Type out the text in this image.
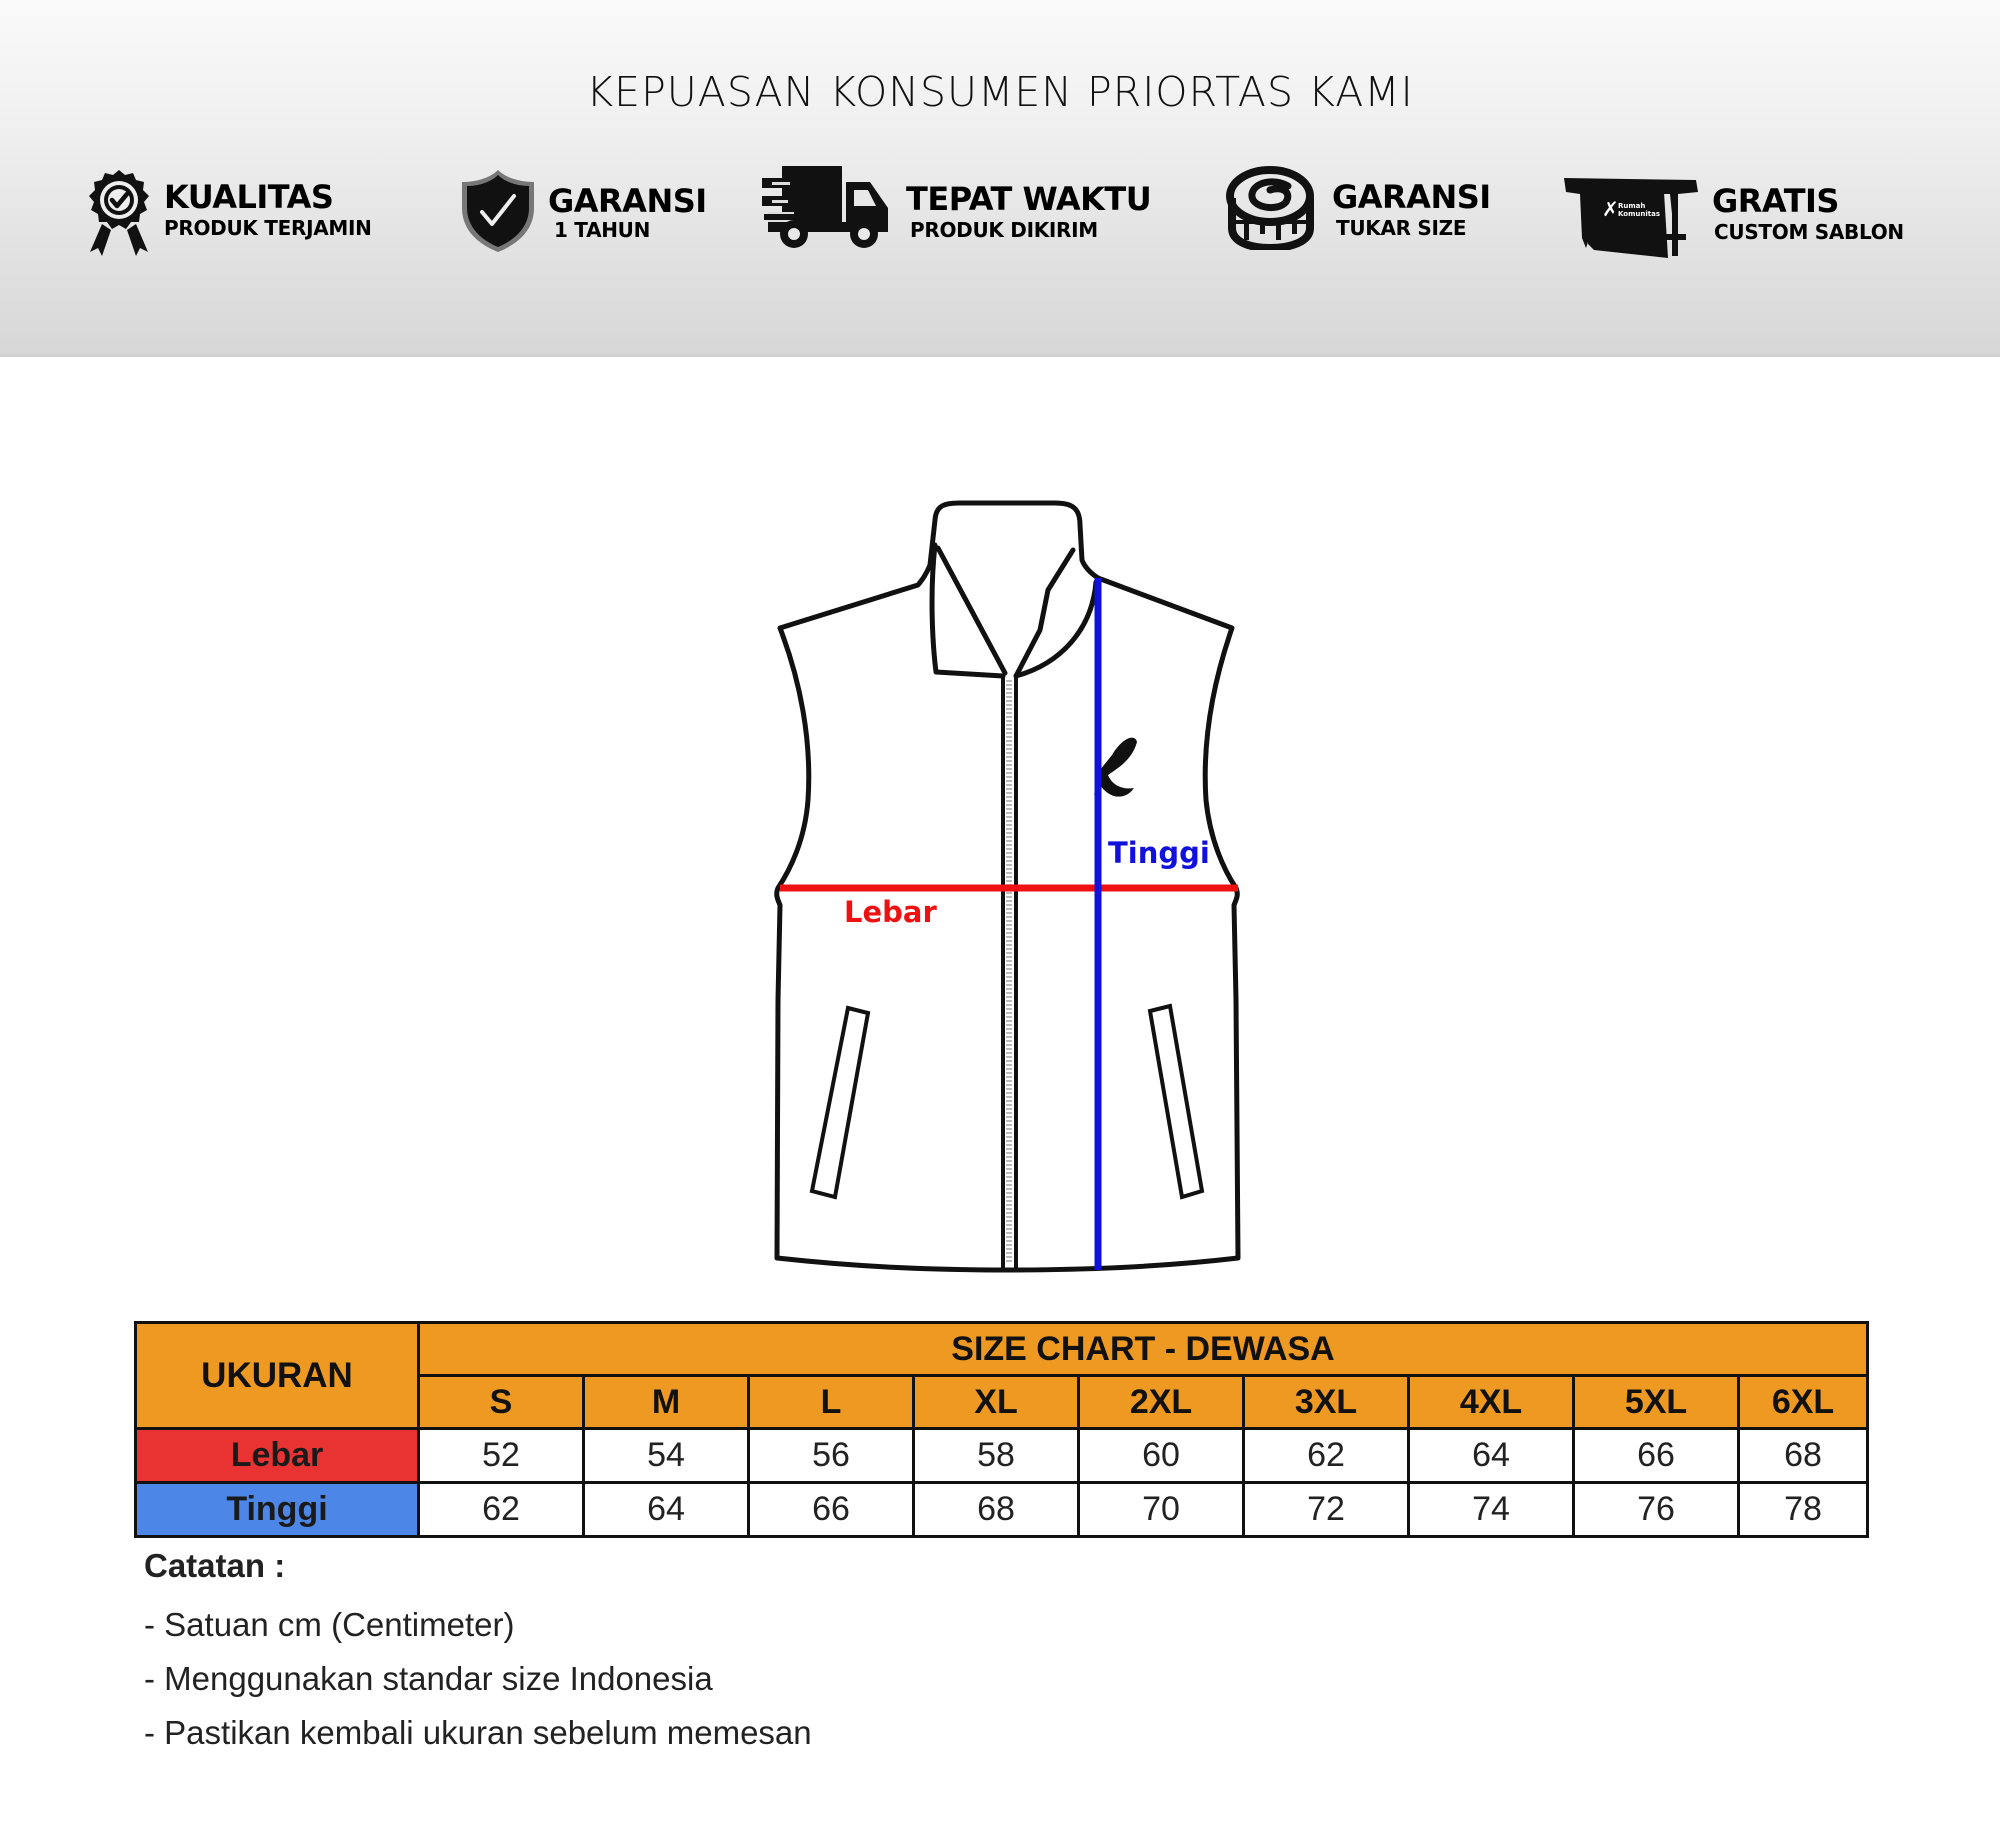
KEPUASAN KONSUMEN PRIORTAS KAMI
KUALITAS
PRODUK TERJAMIN
GARANSI
1 TAHUN
TEPAT WAKTU
PRODUK DIKIRIM
GARANSI
TUKAR SIZE
✗ Rumah
Komunitas GRATIS
CUSTOM SABLON
Lebar
Tinggi
UKURAN	SIZE CHART - DEWASA								
	S	M	L	XL	2XL	3XL	4XL	5XL	6XL
Lebar	52	54	56	58	60	62	64	66	68
Tinggi	62	64	66	68	70	72	74	76	78
Catatan :
- Satuan cm (Centimeter)
- Menggunakan standar size Indonesia
- Pastikan kembali ukuran sebelum memesan
